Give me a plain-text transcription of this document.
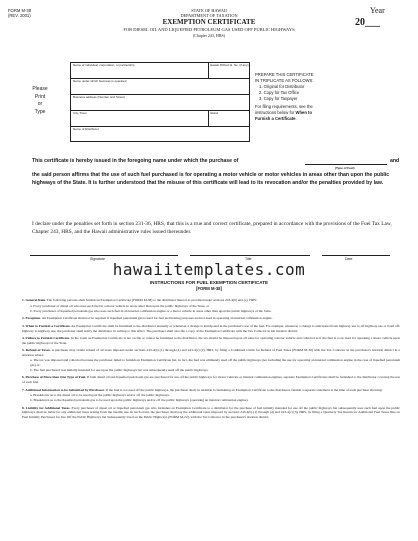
FORM M-38
(REV. 2001)
STATE OF HAWAII
DEPARTMENT OF TAXATION
EXEMPTION CERTIFICATE
FOR DIESEL OIL AND LIQUEFIED PETROLEUM GAS USED OFF PUBLIC HIGHWAYS
(Chapter 243, HRS)
Year
20___
Name of individual, corporation, or partnership	Hawaii ID/Fed Id. No. (if any)
Name under which business is operated
Business address (Number and Street)
City, Town	Island
Name of Distributor
Please
Print
or
Type
PREPARE THIS CERTIFICATE
IN TRIPLICATE AS FOLLOWS:
1. Original for Distributor
2. Copy for Tax Office
3. Copy for Taxpayer
For filing requirements, see the
instructions below for When to
Furnish a Certificate.
This certificate is hereby issued in the foregoing name under which the purchase of	and
(Type of Fuel)
the said person affirms that the use of such fuel purchased is for operating a motor vehicle or motor vehicles in areas other than upon the public highways of the State. It is further understood that the misuse of this certificate will lead to its revocation and/or the penalties provided by law.
I declare under the penalties set forth in section 231-36, HRS, that this is a true and correct certificate, prepared in accordance with the provisions of the Fuel Tax Law, Chapter 243, HRS, and the Hawaii administrative rules issued thereunder.
Signature	Title	Date
hawaiitemplates.com
INSTRUCTIONS FOR FUEL EXEMPTION CERTIFICATE
[FORM M-38]
1. General Rule. The following persons shall furnish an Exemption Certificate (FORM M-38) to the distributor thereof as provided under sections 243-4(b) and (c), HRS:
a. Every purchaser of diesel oil who uses such fuel in a motor vehicle in areas other than upon the public highways of the State, or
b. Every purchaser of liquefied petroleum gas who uses such fuel in an internal combustion engine or a motor vehicle in areas other than upon the public highways of the State.
2. Exception. An Exemption Certificate shall not be required if liquefied petroleum gas is used for fuel and heating purposes and not used in operating an internal combustion engine.
3. When to Furnish a Certificate. An Exemption Certificate shall be furnished to the distributor annually or whenever a change is anticipated in the purchaser's use of the fuel. For example, whenever a change is anticipated from highway use to off highway use or from off-highway to highway use, the purchaser shall notify the distributor in writing to this effect. The purchaser shall also file a copy of the Exemption Certificate with the Tax Collector in his taxation district.
4. Failure to Furnish Certificate. In the event an Exemption Certificate is not on file or cannot be furnished to the distributor, the tax should be imposed upon all sales for operating a motor vehicle and collected as if the fuel is to be used for operating a motor vehicle upon the public highways of the State.
5. Refund of Taxes. A purchaser may obtain refund of all taxes imposed under sections 243-4(b) (1) through (4) and 243-4(c) (2), HRS, by filing a Combined Claim for Refund of Fuel Taxes (FORM M-36) with the Tax Collector in the purchaser's taxation district in a situation where:
a. The tax was imposed and collected because the purchaser failed to furnish an Exemption Certificate but, in fact, the fuel was ultimately used off the public highways (not including the use for operating an internal combustion engine in the case of liquefied petroleum gas) or;
b. The fuel purchased was initially intended for use upon the public highways but was subsequently used off the public highways.
6. Purchase of More than One Type of Fuel. If both diesel oil and liquefied petroleum gas are purchased for use off the public highways for motor vehicles or internal combustion engines, separate Exemption Certificates shall be furnished to the distributor covering the use of each fuel.
7. Additional Information to be Submitted by Purchaser. If the fuel is not used off the public highways, the purchaser shall, in addition to furnishing an Exemption Certificate to the distributor, furnish a separate statement at the time of each purchase showing:
a. Breakdown as to the diesel oil to be used upon the public highways and/or off the public highways.
b. Breakdown as to the liquefied petroleum gas to be used upon the public highways and/or off the public highways (operating an internal combustion engine).
8. Liability for Additional Taxes. Every purchaser of diesel oil or liquefied petroleum gas who furnishes an Exemption Certificate to a distributor for the purchase of fuel initially intended for use off the public highways but subsequently uses such fuel upon the public highways shall be liable for any additional taxes arising from the taxable use. In such event, the purchaser shall pay the additional taxes imposed by sections 243-4(b) (1) through (4) and 243-4(c) (3), HRS, by filing a Quarterly Tax Return for Additional Fuel Taxes Due on Fuel Initially Purchased for Use Off the Public Highways but Subsequently Used on the Public Highways (FORM M-22), with the Tax Collector in the purchaser's taxation district.
